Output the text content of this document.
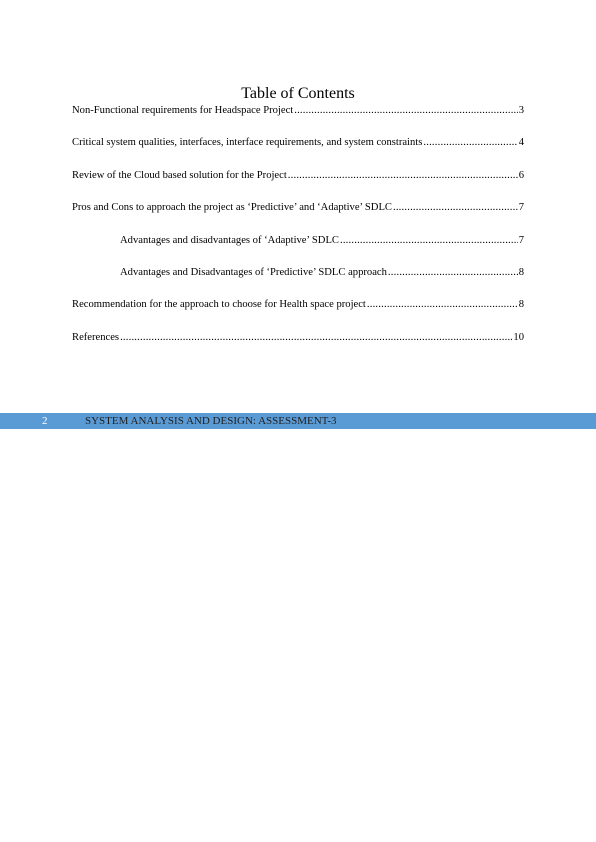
Table of Contents
Non-Functional requirements for Headspace Project .....	3
Critical system qualities, interfaces, interface requirements, and system constraints .....	4
Review of the Cloud based solution for the Project .....	6
Pros and Cons to approach the project as ‘Predictive’ and ‘Adaptive’ SDLC .....	7
Advantages and disadvantages of ‘Adaptive’ SDLC .....	7
Advantages and Disadvantages of ‘Predictive’ SDLC approach .....	8
Recommendation for the approach to choose for Health space project .....	8
References .....	10
2	SYSTEM ANALYSIS AND DESIGN: ASSESSMENT-3
